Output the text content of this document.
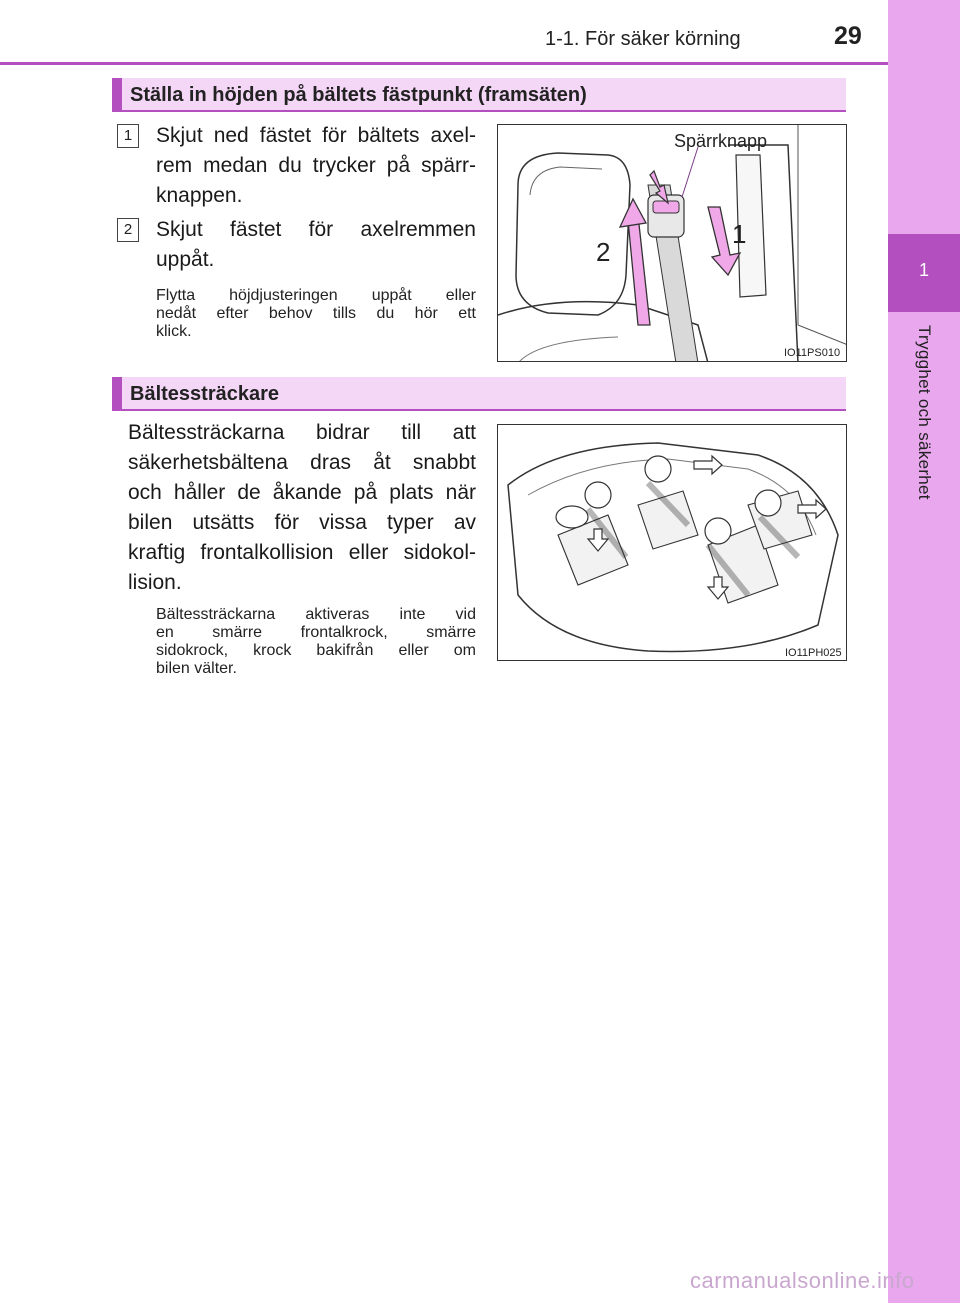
1
Trygghet och säkerhet
1-1. För säker körning	29
Ställa in höjden på bältets fästpunkt (framsäten)
1	Skjut ned fästet för bältets axel-
rem medan du trycker på spärr-
knappen.
2	Skjut fästet för axelremmen
uppåt.
Flytta höjdjusteringen uppåt eller
nedåt efter behov tills du hör ett
klick.
Spärrknapp
1
2
IO11PS010
Bältessträckare
Bältessträckarna bidrar till att
säkerhetsbältena dras åt snabbt
och håller de åkande på plats när
bilen utsätts för vissa typer av
kraftig frontalkollision eller sidokol-
lision.
Bältessträckarna aktiveras inte vid
en smärre frontalkrock, smärre
sidokrock, krock bakifrån eller om
bilen välter.
IO11PH025
carmanualsonline.info
